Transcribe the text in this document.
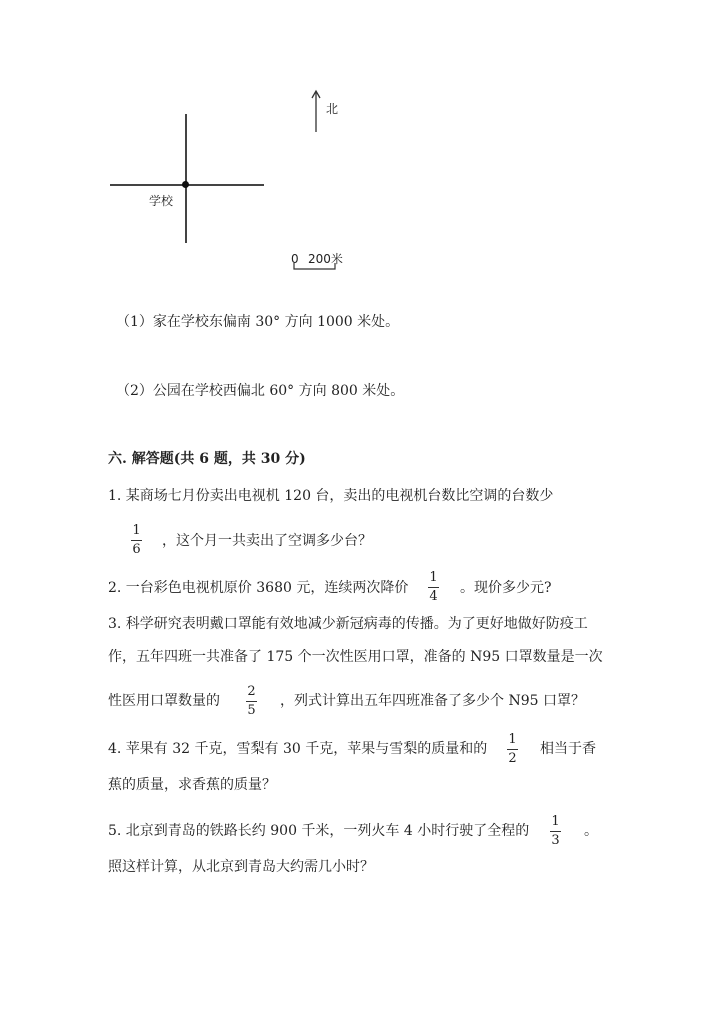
北
学校
0 200米
（1）家在学校东偏南 30° 方向 1000 米处。
（2）公园在学校西偏北 60° 方向 800 米处。
六. 解答题(共 6 题，共 30 分)
1. 某商场七月份卖出电视机 120 台，卖出的电视机台数比空调的台数少
1
6
，这个月一共卖出了空调多少台？
2. 一台彩色电视机原价 3680 元，连续两次降价
1
4
。现价多少元?
3. 科学研究表明戴口罩能有效地减少新冠病毒的传播。为了更好地做好防疫工
作，五年四班一共准备了 175 个一次性医用口罩，准备的 N95 口罩数量是一次
性医用口罩数量的
2
5
，列式计算出五年四班准备了多少个 N95 口罩？
4. 苹果有 32 千克，雪梨有 30 千克，苹果与雪梨的质量和的
1
2
相当于香
蕉的质量，求香蕉的质量？
5. 北京到青岛的铁路长约 900 千米，一列火车 4 小时行驶了全程的
1
3
。
照这样计算，从北京到青岛大约需几小时？
